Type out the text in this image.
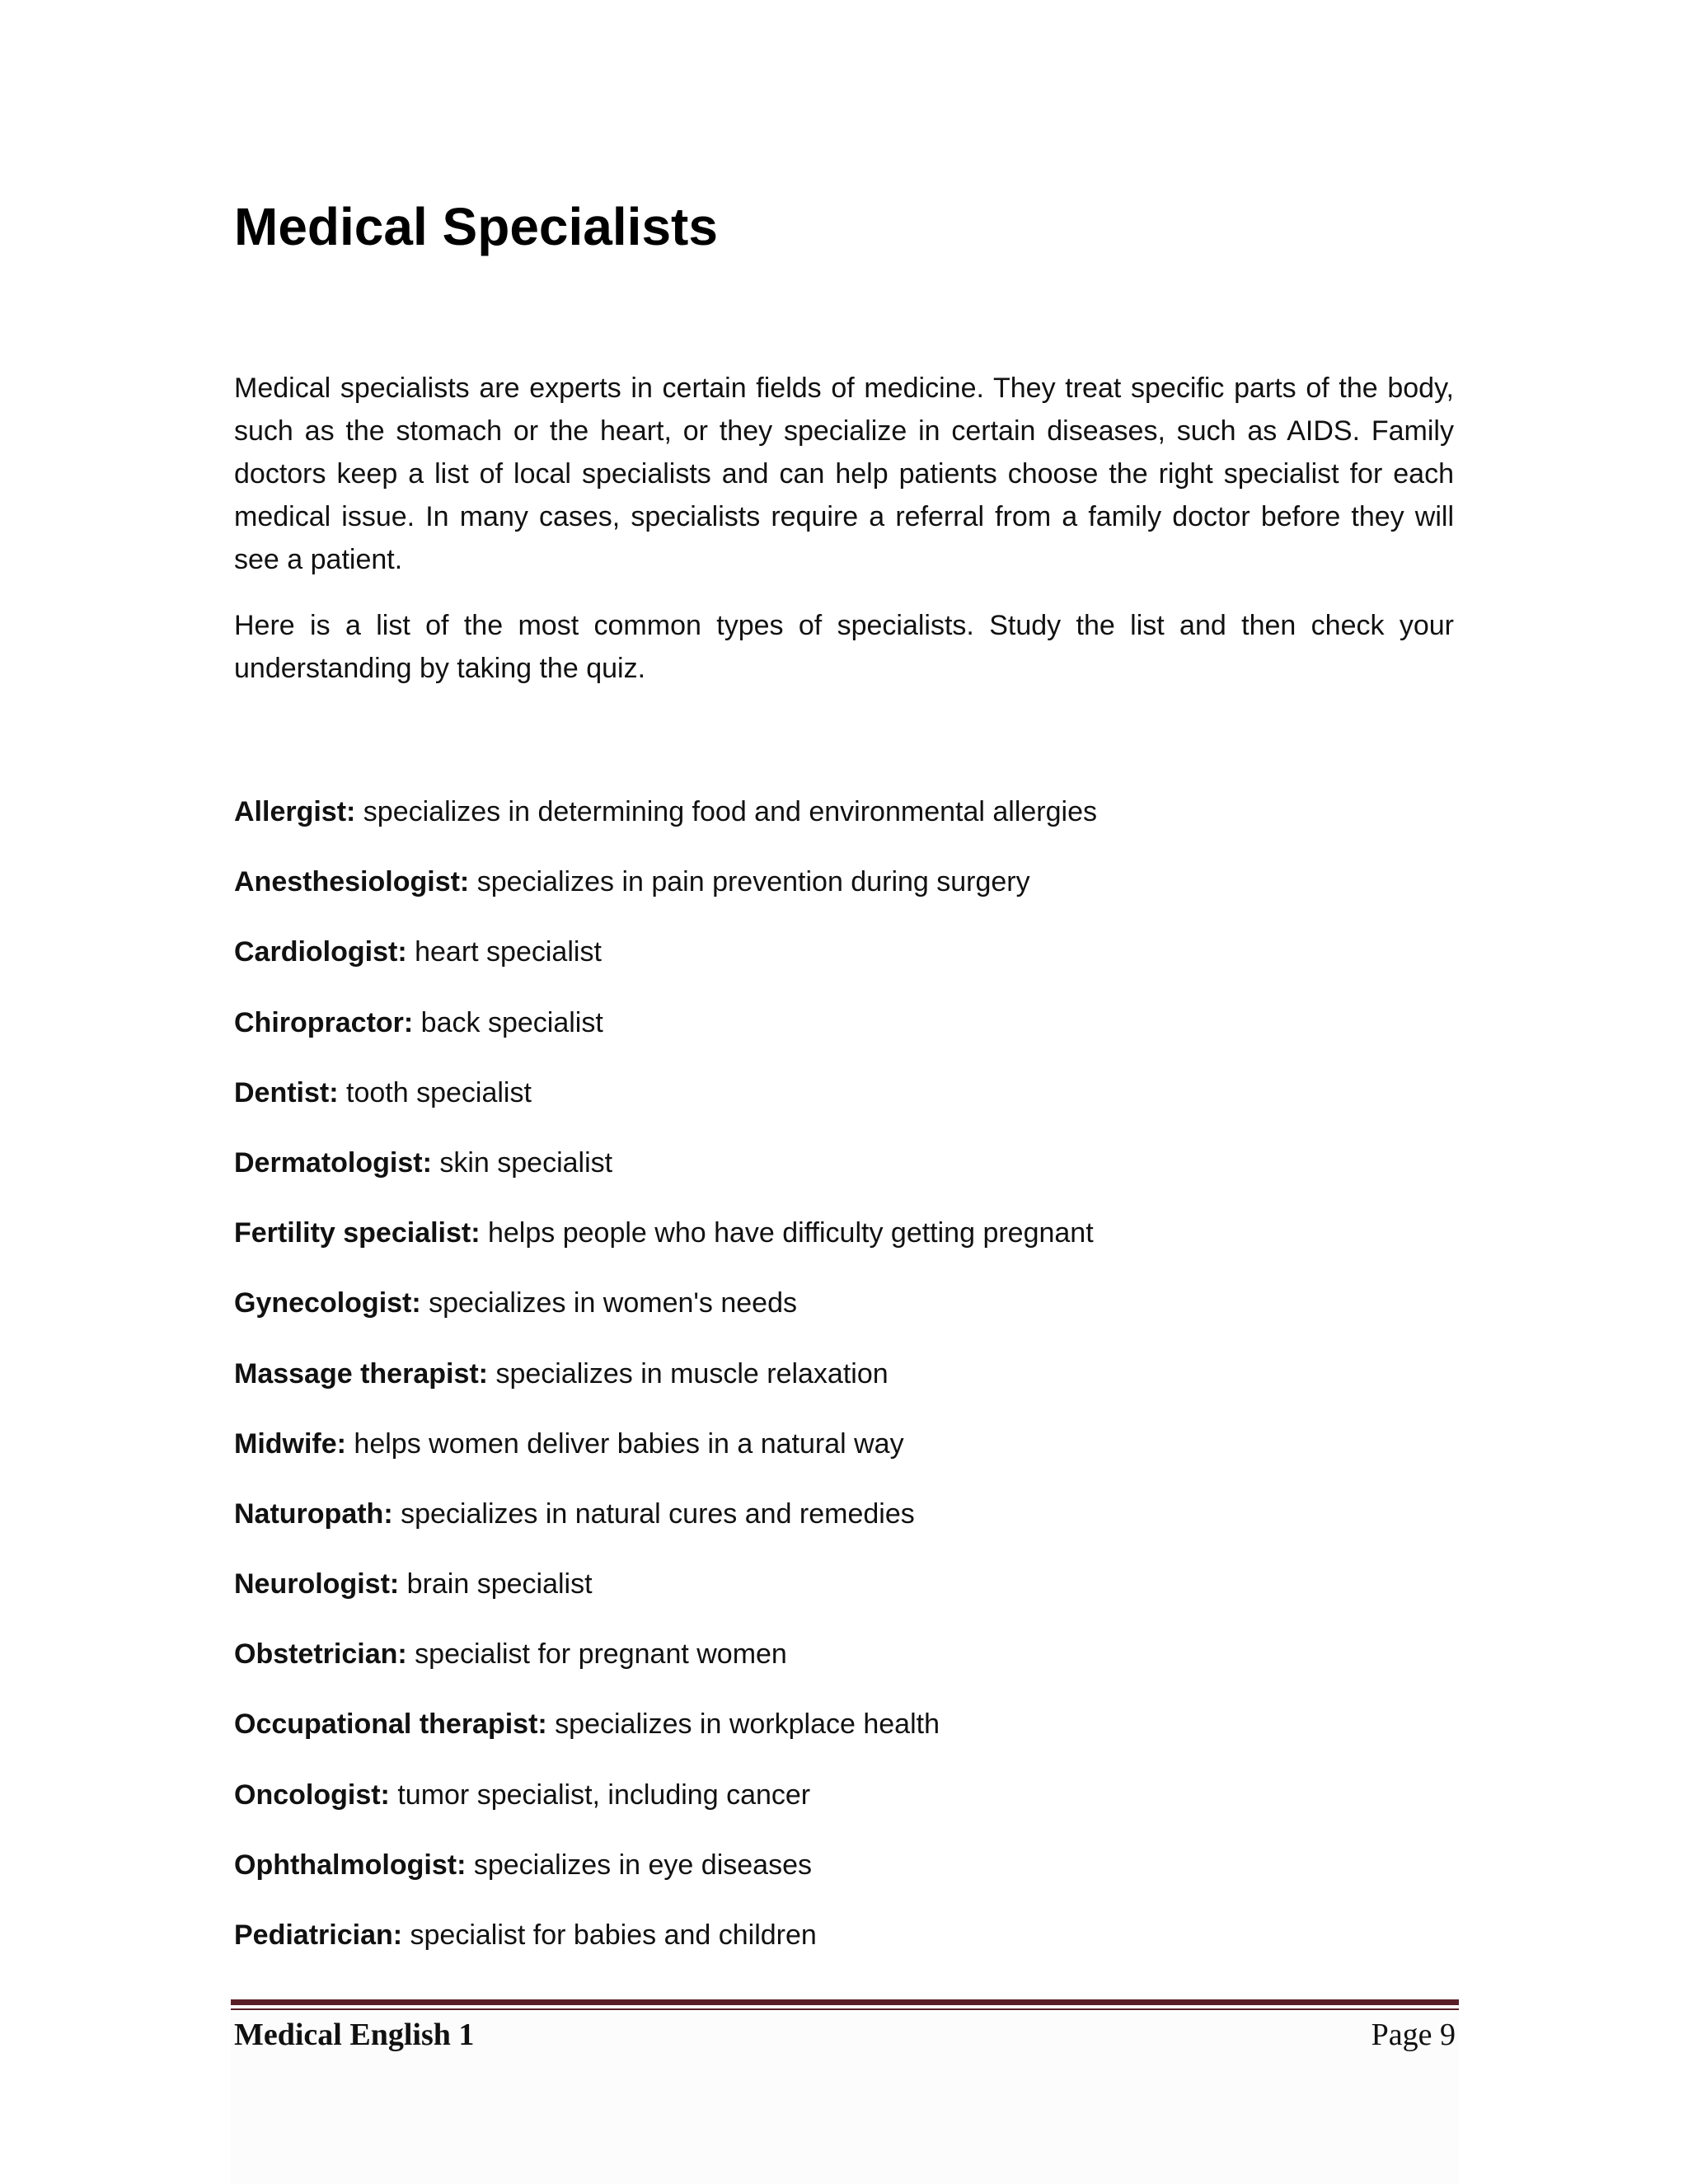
Medical Specialists

Medical specialists are experts in certain fields of medicine. They treat specific parts of the body, such as the stomach or the heart, or they specialize in certain diseases, such as AIDS. Family doctors keep a list of local specialists and can help patients choose the right specialist for each medical issue. In many cases, specialists require a referral from a family doctor before they will see a patient.

Here is a list of the most common types of specialists. Study the list and then check your understanding by taking the quiz.

Allergist: specializes in determining food and environmental allergies
Anesthesiologist: specializes in pain prevention during surgery
Cardiologist: heart specialist
Chiropractor: back specialist
Dentist: tooth specialist
Dermatologist: skin specialist
Fertility specialist: helps people who have difficulty getting pregnant
Gynecologist: specializes in women's needs
Massage therapist: specializes in muscle relaxation
Midwife: helps women deliver babies in a natural way
Naturopath: specializes in natural cures and remedies
Neurologist: brain specialist
Obstetrician: specialist for pregnant women
Occupational therapist: specializes in workplace health
Oncologist: tumor specialist, including cancer
Ophthalmologist: specializes in eye diseases
Pediatrician: specialist for babies and children
Medical English 1	Page 9
